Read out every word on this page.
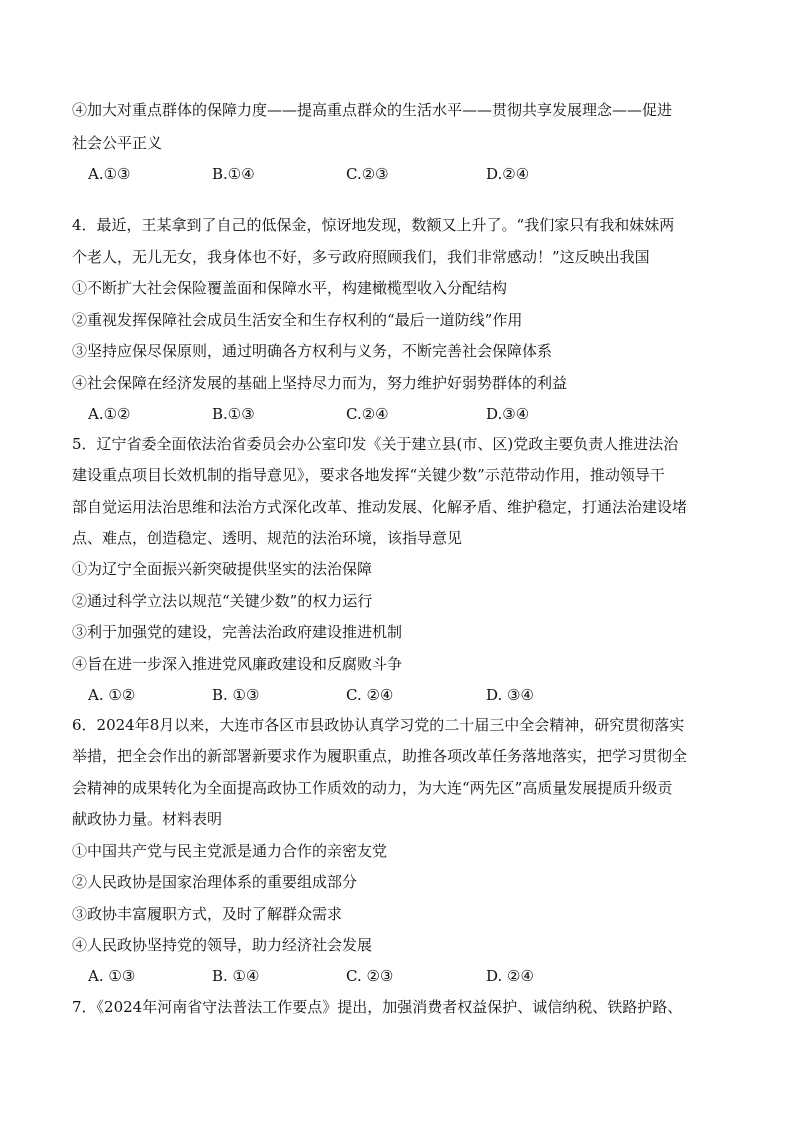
④加大对重点群体的保障力度——提高重点群众的生活水平——贯彻共享发展理念——促进
社会公平正义
A.①③	B.①④	C.②③	D.②④
4．最近，王某拿到了自己的低保金，惊讶地发现，数额又上升了。“我们家只有我和妹妹两
个老人，无儿无女，我身体也不好，多亏政府照顾我们，我们非常感动！”这反映出我国
①不断扩大社会保险覆盖面和保障水平，构建橄榄型收入分配结构
②重视发挥保障社会成员生活安全和生存权利的“最后一道防线”作用
③坚持应保尽保原则，通过明确各方权利与义务，不断完善社会保障体系
④社会保障在经济发展的基础上坚持尽力而为，努力维护好弱势群体的利益
A.①②	B.①③	C.②④	D.③④
5．辽宁省委全面依法治省委员会办公室印发《关于建立县(市、区)党政主要负责人推进法治
建设重点项目长效机制的指导意见》，要求各地发挥“关键少数”示范带动作用，推动领导干
部自觉运用法治思维和法治方式深化改革、推动发展、化解矛盾、维护稳定，打通法治建设堵
点、难点，创造稳定、透明、规范的法治环境，该指导意见
①为辽宁全面振兴新突破提供坚实的法治保障
②通过科学立法以规范“关键少数”的权力运行
③利于加强党的建设，完善法治政府建设推进机制
④旨在进一步深入推进党风廉政建设和反腐败斗争
A. ①②	B. ①③	C. ②④	D. ③④
6．2024年8月以来，大连市各区市县政协认真学习党的二十届三中全会精神，研究贯彻落实
举措，把全会作出的新部署新要求作为履职重点，助推各项改革任务落地落实，把学习贯彻全
会精神的成果转化为全面提高政协工作质效的动力，为大连“两先区”高质量发展提质升级贡
献政协力量。材料表明
①中国共产党与民主党派是通力合作的亲密友党
②人民政协是国家治理体系的重要组成部分
③政协丰富履职方式，及时了解群众需求
④人民政协坚持党的领导，助力经济社会发展
A. ①③	B. ①④	C. ②③	D. ②④
7．《2024年河南省守法普法工作要点》提出，加强消费者权益保护、诚信纳税、铁路护路、
